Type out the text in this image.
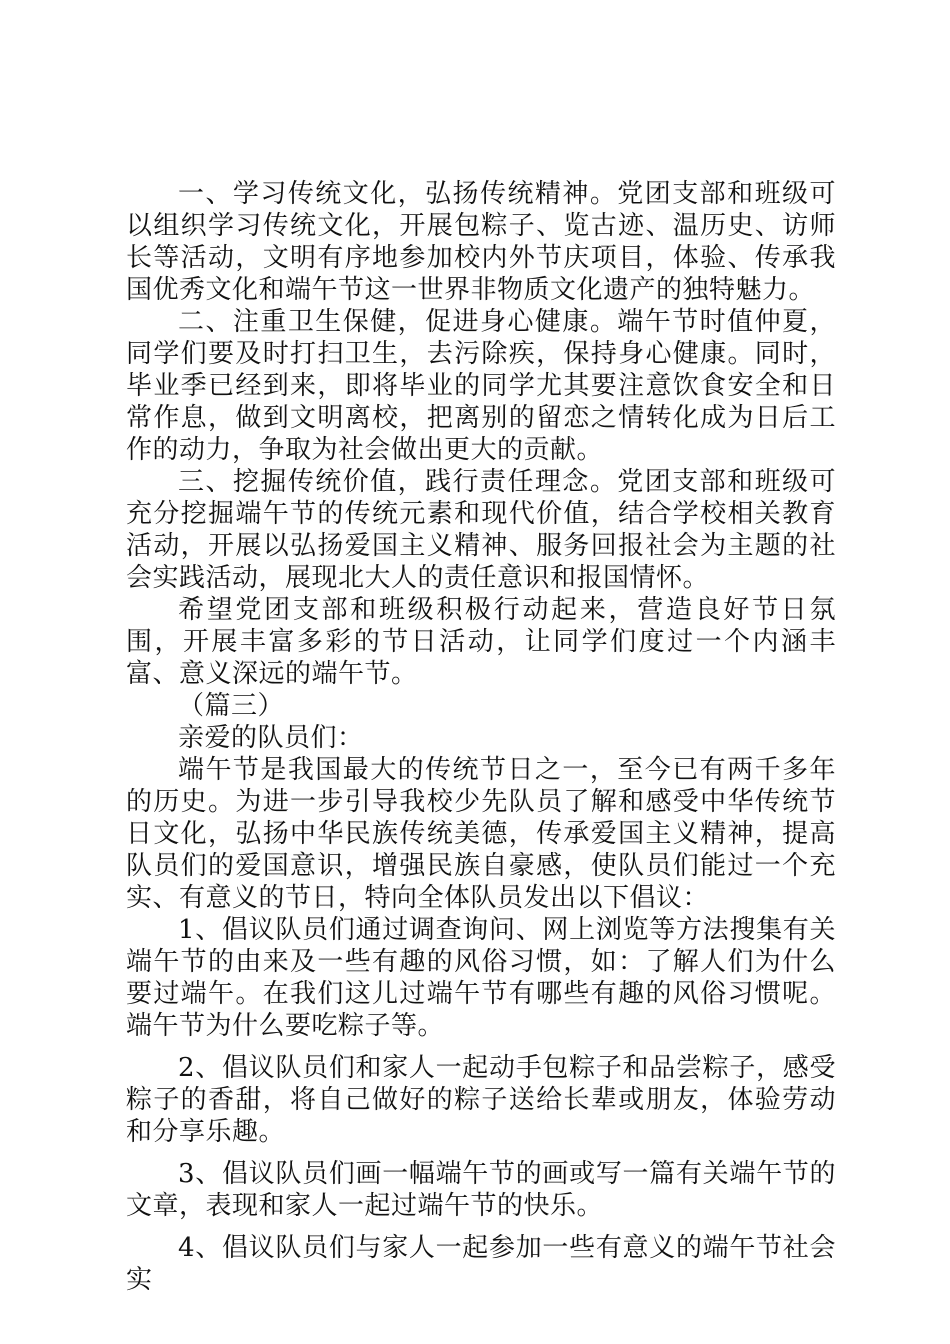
一、学习传统文化，弘扬传统精神。党团支部和班级可以组织学习传统文化，开展包粽子、览古迹、温历史、访师长等活动，文明有序地参加校内外节庆项目，体验、传承我国优秀文化和端午节这一世界非物质文化遗产的独特魅力。

二、注重卫生保健，促进身心健康。端午节时值仲夏，同学们要及时打扫卫生，去污除疾，保持身心健康。同时，毕业季已经到来，即将毕业的同学尤其要注意饮食安全和日常作息，做到文明离校，把离别的留恋之情转化成为日后工作的动力，争取为社会做出更大的贡献。

三、挖掘传统价值，践行责任理念。党团支部和班级可充分挖掘端午节的传统元素和现代价值，结合学校相关教育活动，开展以弘扬爱国主义精神、服务回报社会为主题的社会实践活动，展现北大人的责任意识和报国情怀。

希望党团支部和班级积极行动起来，营造良好节日氛围，开展丰富多彩的节日活动，让同学们度过一个内涵丰富、意义深远的端午节。

（篇三）

亲爱的队员们：

端午节是我国最大的传统节日之一，至今已有两千多年的历史。为进一步引导我校少先队员了解和感受中华传统节日文化，弘扬中华民族传统美德，传承爱国主义精神，提高队员们的爱国意识，增强民族自豪感，使队员们能过一个充实、有意义的节日，特向全体队员发出以下倡议：

1、倡议队员们通过调查询问、网上浏览等方法搜集有关端午节的由来及一些有趣的风俗习惯，如：了解人们为什么要过端午。在我们这儿过端午节有哪些有趣的风俗习惯呢。端午节为什么要吃粽子等。

2、倡议队员们和家人一起动手包粽子和品尝粽子，感受粽子的香甜，将自己做好的粽子送给长辈或朋友，体验劳动和分享乐趣。

3、倡议队员们画一幅端午节的画或写一篇有关端午节的文章，表现和家人一起过端午节的快乐。

4、倡议队员们与家人一起参加一些有意义的端午节社会实
